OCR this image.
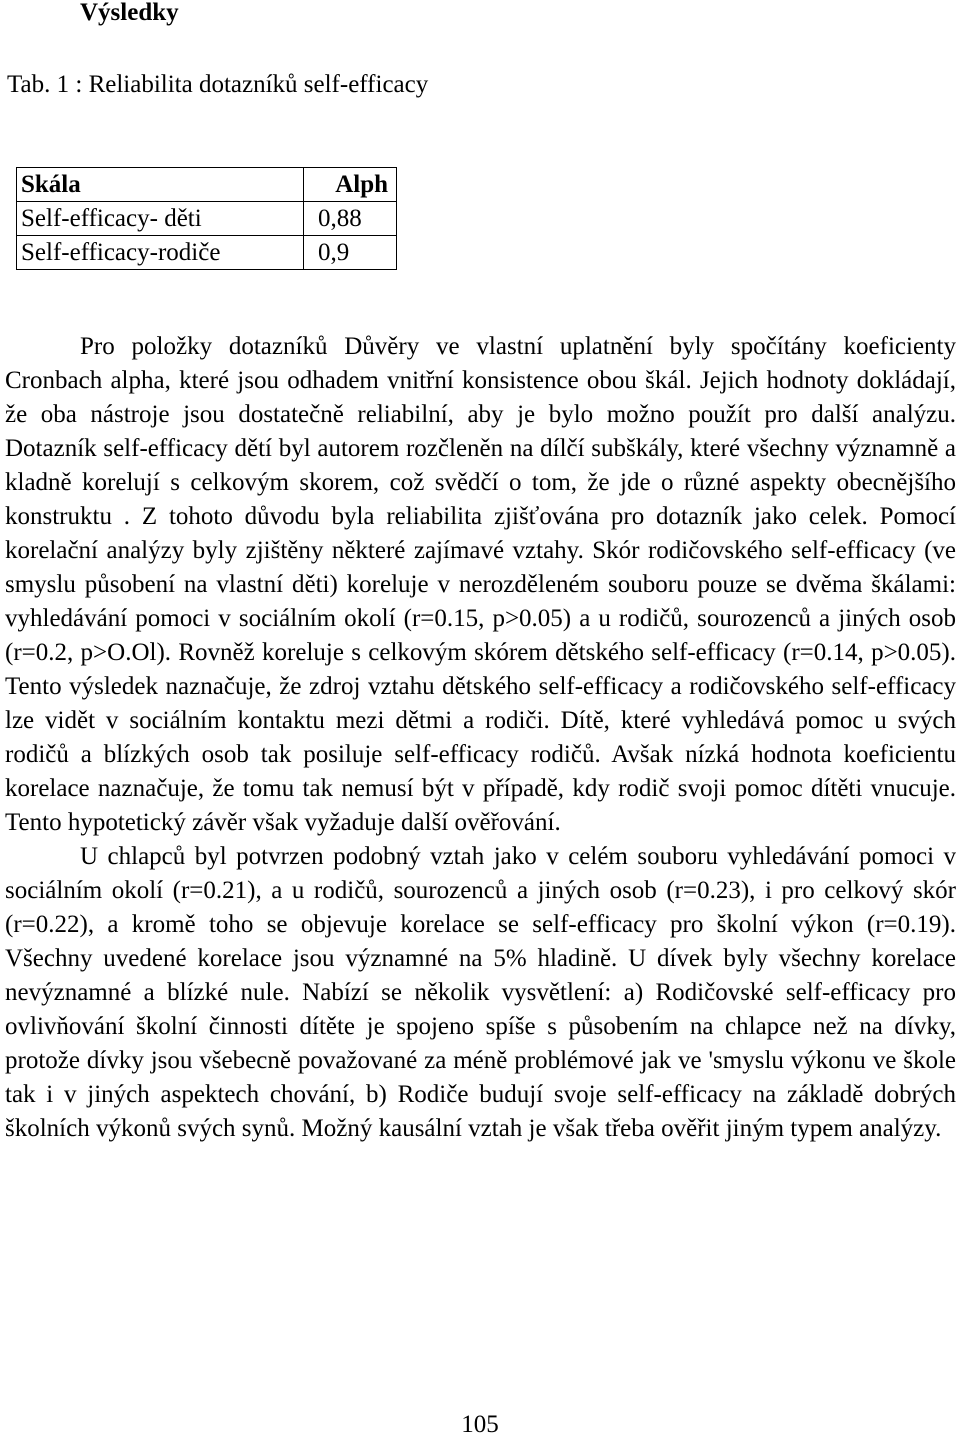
Výsledky

Tab. 1 : Reliabilita dotazníků self-efficacy

Skála	Alph
Self-efficacy- děti	0,88
Self-efficacy-rodiče	0,9

Pro položky dotazníků Důvěry ve vlastní uplatnění byly spočítány koeficienty Cronbach alpha, které jsou odhadem vnitřní konsistence obou škál. Jejich hodnoty dokládají, že oba nástroje jsou dostatečně reliabilní, aby je bylo možno použít pro další analýzu. Dotazník self-efficacy dětí byl autorem rozčleněn na dílčí subškály, které všechny významně a kladně korelují s celkovým skorem, což svědčí o tom, že jde o různé aspekty obecnějšího konstruktu . Z tohoto důvodu byla reliabilita zjišťována pro dotazník jako celek. Pomocí korelační analýzy byly zjištěny některé zajímavé vztahy. Skór rodičovského self-efficacy (ve smyslu působení na vlastní děti) koreluje v nerozděleném souboru pouze se dvěma škálami: vyhledávání pomoci v sociálním okolí (r=0.15, p>0.05) a u rodičů, sourozenců a jiných osob (r=0.2, p>O.Ol). Rovněž koreluje s celkovým skórem dětského self-efficacy (r=0.14, p>0.05). Tento výsledek naznačuje, že zdroj vztahu dětského self-efficacy a rodičovského self-efficacy lze vidět v sociálním kontaktu mezi dětmi a rodiči. Dítě, které vyhledává pomoc u svých rodičů a blízkých osob tak posiluje self-efficacy rodičů. Avšak nízká hodnota koeficientu korelace naznačuje, že tomu tak nemusí být v případě, kdy rodič svoji pomoc dítěti vnucuje. Tento hypotetický závěr však vyžaduje další ověřování.

U chlapců byl potvrzen podobný vztah jako v celém souboru vyhledávání pomoci v sociálním okolí (r=0.21), a u rodičů, sourozenců a jiných osob (r=0.23), i pro celkový skór (r=0.22), a kromě toho se objevuje korelace se self-efficacy pro školní výkon (r=0.19). Všechny uvedené korelace jsou významné na 5% hladině. U dívek byly všechny korelace nevýznamné a blízké nule. Nabízí se několik vysvětlení: a) Rodičovské self-efficacy pro ovlivňování školní činnosti dítěte je spojeno spíše s působením na chlapce než na dívky, protože dívky jsou všebecně považované za méně problémové jak ve 'smyslu výkonu ve škole tak i v jiných aspektech chování, b) Rodiče budují svoje self-efficacy na základě dobrých školních výkonů svých synů. Možný kausální vztah je však třeba ověřit jiným typem analýzy.

105
